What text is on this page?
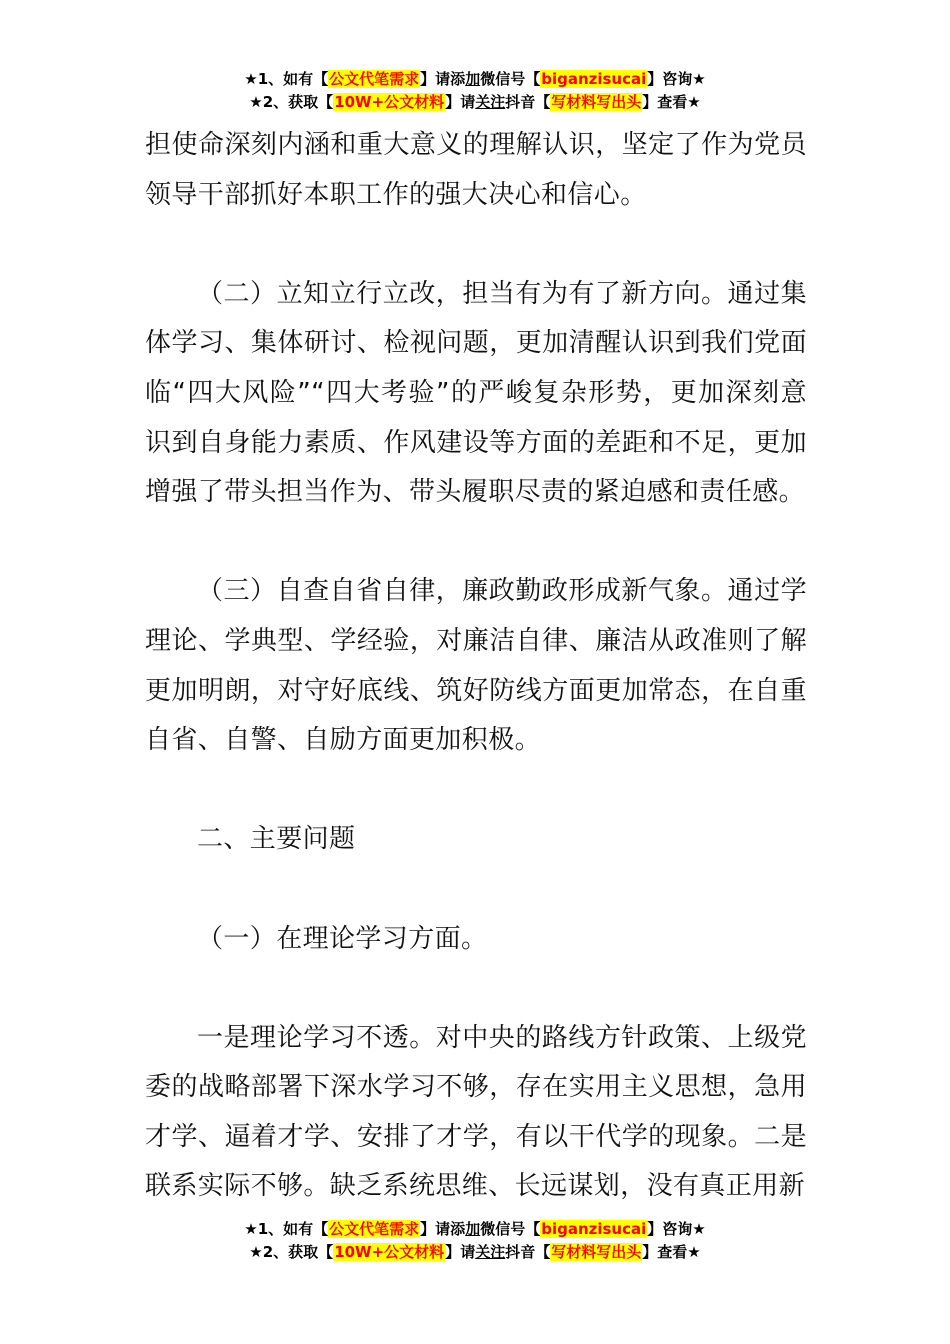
★1、如有【公文代笔需求】请添加微信号【biganzisucai】咨询★
★2、获取【10W+公文材料】请关注抖音【写材料写出头】查看★

担使命深刻内涵和重大意义的理解认识，坚定了作为党员领导干部抓好本职工作的强大决心和信心。

（二）立知立行立改，担当有为有了新方向。通过集体学习、集体研讨、检视问题，更加清醒认识到我们党面临“四大风险”“四大考验”的严峻复杂形势，更加深刻意识到自身能力素质、作风建设等方面的差距和不足，更加增强了带头担当作为、带头履职尽责的紧迫感和责任感。

（三）自查自省自律，廉政勤政形成新气象。通过学理论、学典型、学经验，对廉洁自律、廉洁从政准则了解更加明朗，对守好底线、筑好防线方面更加常态，在自重自省、自警、自励方面更加积极。

二、主要问题

（一）在理论学习方面。

一是理论学习不透。对中央的路线方针政策、上级党委的战略部署下深水学习不够，存在实用主义思想，急用才学、逼着才学、安排了才学，有以干代学的现象。二是联系实际不够。缺乏系统思维、长远谋划，没有真正用新

★1、如有【公文代笔需求】请添加微信号【biganzisucai】咨询★
★2、获取【10W+公文材料】请关注抖音【写材料写出头】查看★
